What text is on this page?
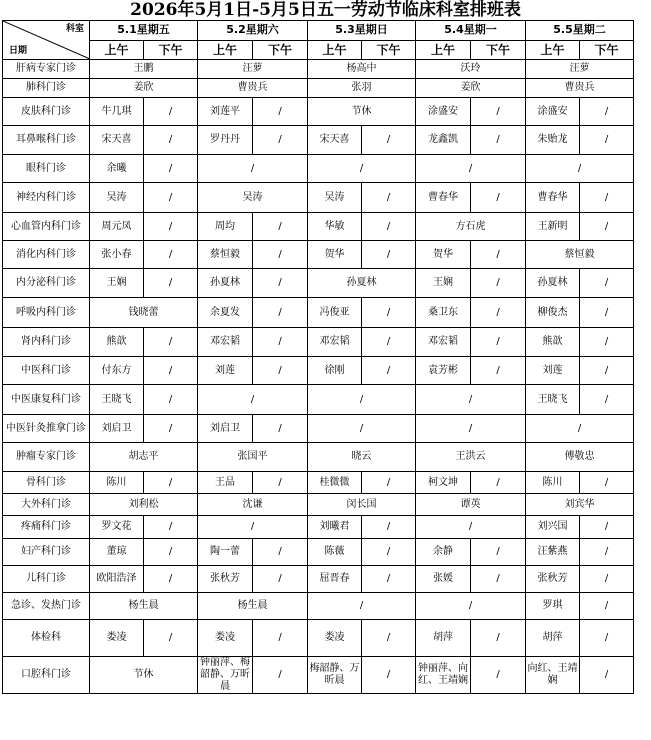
2026年5月1日-5月5日五一劳动节临床科室排班表
科室
日期	5.1星期五		5.2星期六		5.3星期日		5.4星期一		5.5星期二	
	上午	下午	上午	下午	上午	下午	上午	下午	上午	下午
肝病专家门诊	王鹏		汪萝		杨高中		沃玲		汪萝	
肺科门诊	姜欣		曹贵兵		张羽		姜欣		曹贵兵	
皮肤科门诊	牛几琪	/	刘莲平	/	节休		涂盛安	/	涂盛安	/
耳鼻喉科门诊	宋天喜	/	罗丹丹	/	宋天喜	/	龙鑫凯	/	朱贻龙	/
眼科门诊	余曦	/	/		/		/		/	
神经内科门诊	吴涛	/	吴涛		吴涛	/	曹春华	/	曹春华	/
心血管内科门诊	周元凤	/	周均	/	华敏	/	方石虎		王新明	/
消化内科门诊	张小春	/	蔡恒毅	/	贺华	/	贺华	/	蔡恒毅	
内分泌科门诊	王娴	/	孙夏林	/	孙夏林		王娴	/	孙夏林	/
呼吸内科门诊	钱晓蕾		余夏发	/	冯俊亚	/	桑卫东	/	柳俊杰	/
肾内科门诊	熊歆	/	邓宏韬	/	邓宏韬	/	邓宏韬	/	熊歆	/
中医科门诊	付东方	/	刘莲	/	徐刚	/	袁芳彬	/	刘莲	/
中医康复科门诊	王晓飞	/	/		/		/		王晓飞	/
中医针灸推拿门诊	刘启卫	/	刘启卫	/	/		/		/	
肿瘤专家门诊	胡志平		张国平		晓云		王洪云		傅敬忠	
骨科门诊	陈川	/	王品	/	桂微微	/	柯文坤	/	陈川	/
大外科门诊	刘利松		沈谦		闵长国		谭英		刘宾华	
疼痛科门诊	罗文花	/	/		刘曦君	/	/		刘兴国	/
妇产科门诊	董琼	/	陶一蕾	/	陈薇	/	余静	/	汪紫燕	/
儿科门诊	欧阳浩泽	/	张秋芳	/	屈晋春	/	张媛	/	张秋芳	/
急诊、发热门诊	杨生晨		杨生晨		/		/		罗琪	/
体检科	娄凌	/	娄凌	/	娄凌	/	胡萍	/	胡萍	/
口腔科门诊	节休		钟丽萍、梅韶静、万昕晨	/	梅韶静、万昕晨	/	钟丽萍、向红、王靖娴	/	向红、王靖娴	/
